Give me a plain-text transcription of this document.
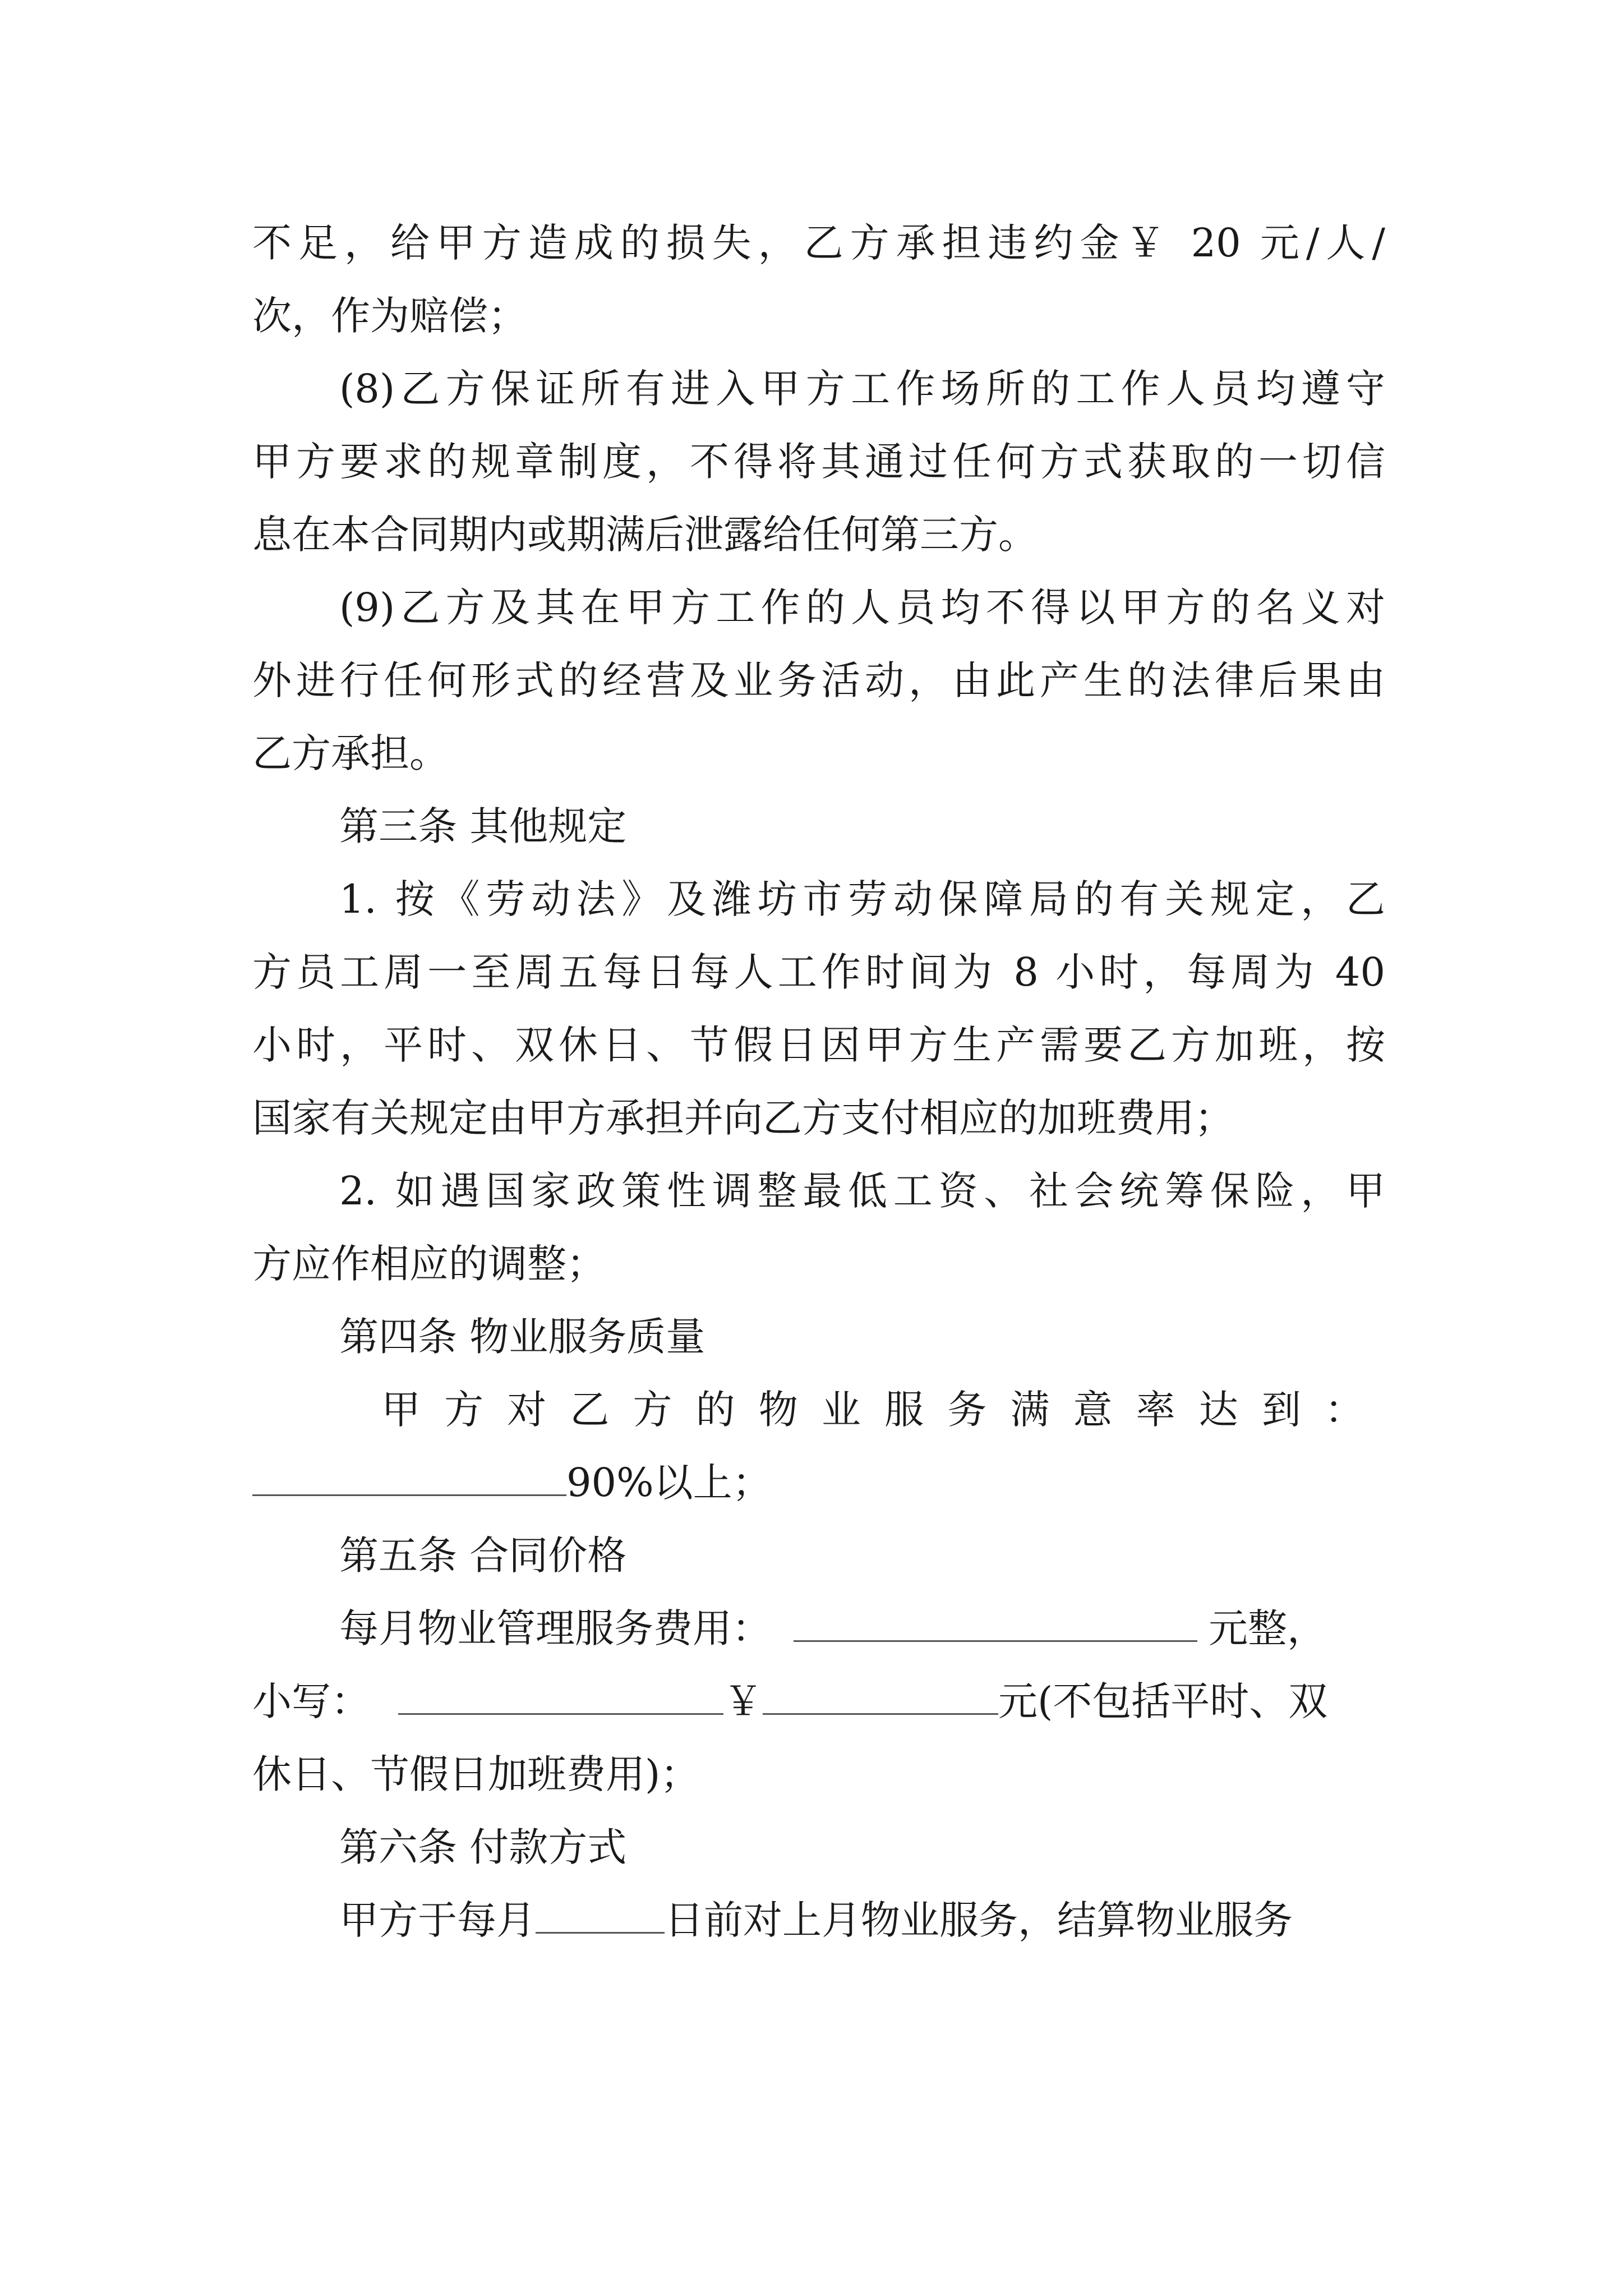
不足，给甲方造成的损失，乙方承担违约金￥ 20 元/人/
次，作为赔偿；
(8)乙方保证所有进入甲方工作场所的工作人员均遵守
甲方要求的规章制度，不得将其通过任何方式获取的一切信
息在本合同期内或期满后泄露给任何第三方。
(9)乙方及其在甲方工作的人员均不得以甲方的名义对
外进行任何形式的经营及业务活动，由此产生的法律后果由
乙方承担。
第三条 其他规定
1. 按《劳动法》及潍坊市劳动保障局的有关规定，乙
方员工周一至周五每日每人工作时间为 8 小时，每周为 40
小时，平时、双休日、节假日因甲方生产需要乙方加班，按
国家有关规定由甲方承担并向乙方支付相应的加班费用；
2. 如遇国家政策性调整最低工资、社会统筹保险，甲
方应作相应的调整；
第四条 物业服务质量
甲方对乙方的物业服务满意率达到：
90%以上；
第五条 合同价格
每月物业管理服务费用：	元整，
小写：	￥	元(不包括平时、双
休日、节假日加班费用)；
第六条 付款方式
甲方于每月	日前对上月物业服务，结算物业服务
